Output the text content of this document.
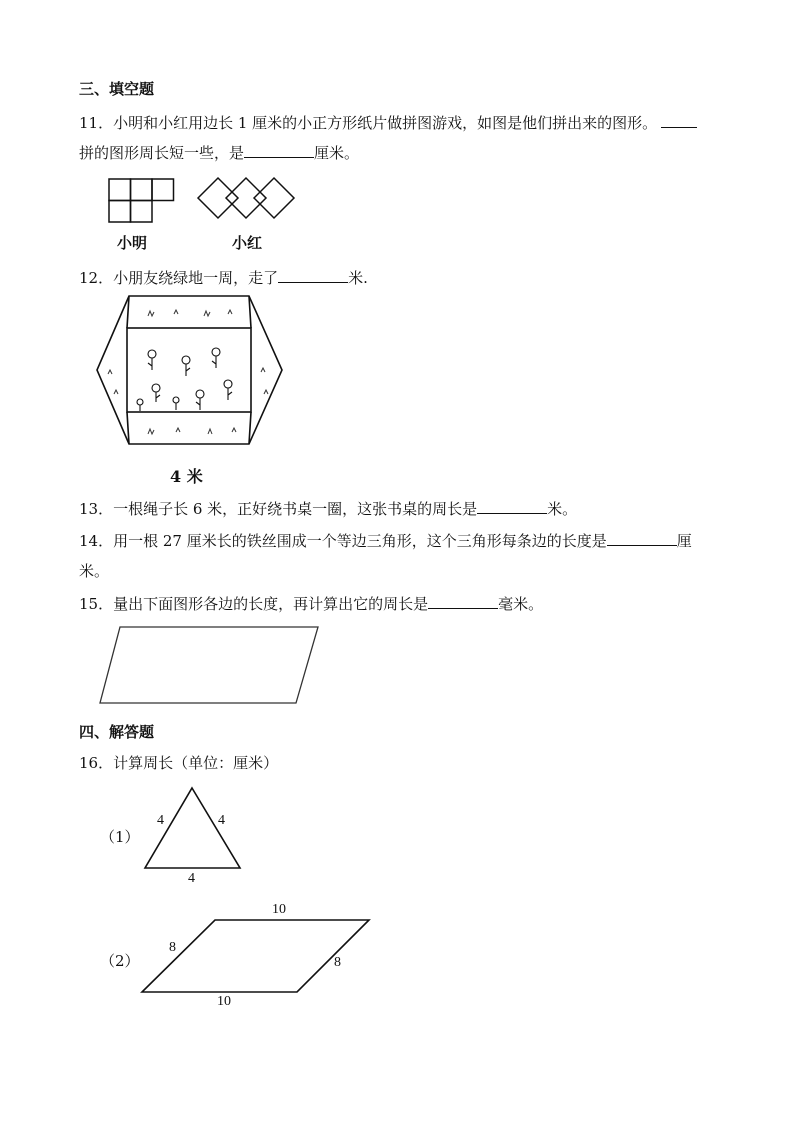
三、填空题
11．小明和小红用边长 1 厘米的小正方形纸片做拼图游戏，如图是他们拼出来的图形。
拼的图形周长短一些，是	厘米。
小明	小红
12．小朋友绕绿地一周，走了	米.
4 米
13．一根绳子长 6 米，正好绕书桌一圈，这张书桌的周长是	米。
14．用一根 27 厘米长的铁丝围成一个等边三角形，这个三角形每条边的长度是	厘
米。
15．量出下面图形各边的长度，再计算出它的周长是	毫米。
四、解答题
16．计算周长（单位：厘米）
（1）
4	4
4
（2）
10
8
8
10
